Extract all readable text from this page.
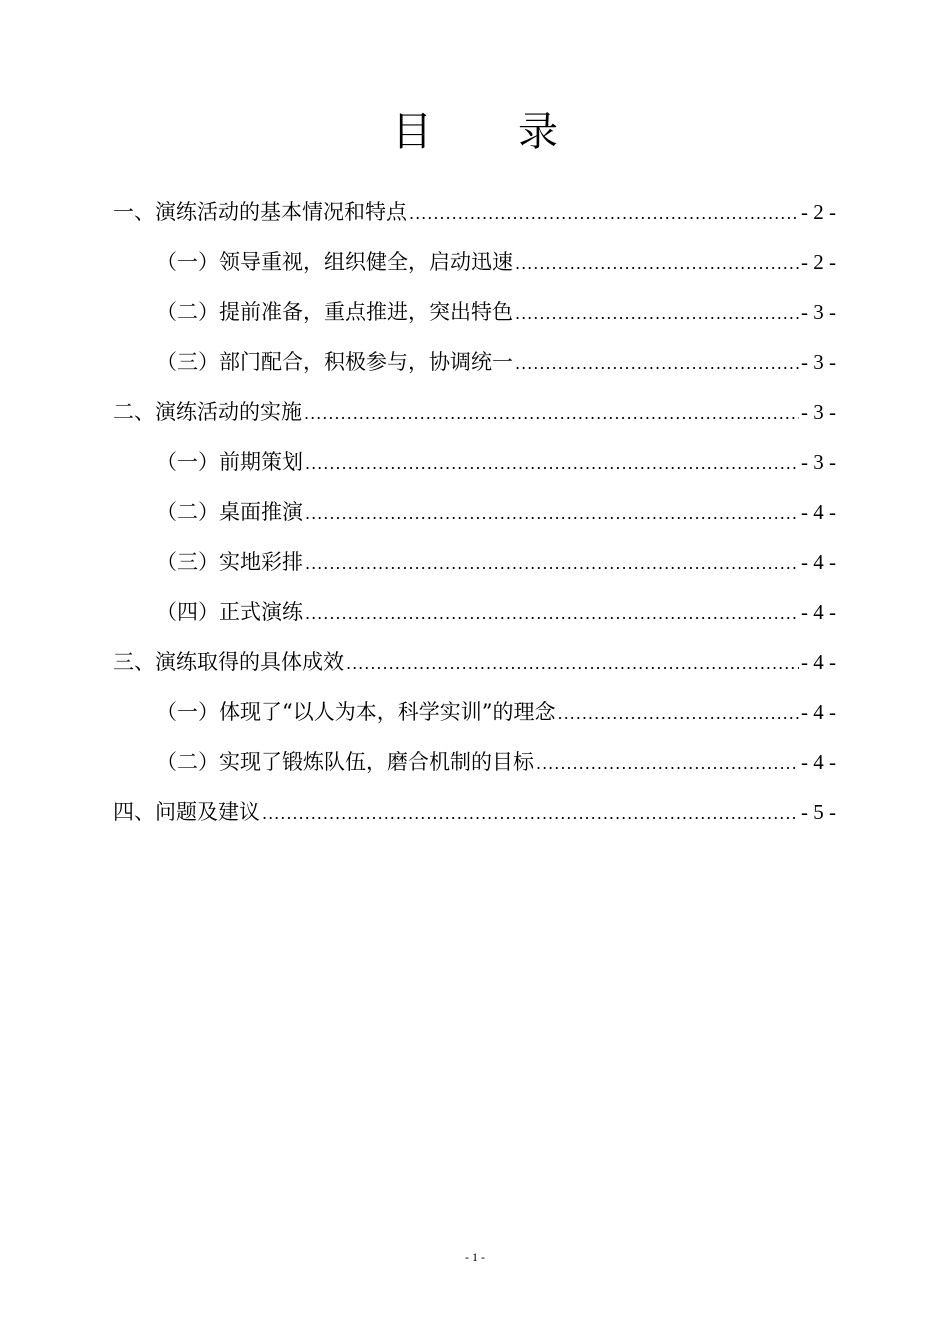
目 录
一、 演练活动的基本情况和特点 .....	- 2 -
（一） 领导重视，组织健全，启动迅速 .....	- 2 -
（二） 提前准备，重点推进，突出特色 .....	- 3 -
（三） 部门配合，积极参与，协调统一 .....	- 3 -
二、 演练活动的实施 .....	- 3 -
（一） 前期策划 .....	- 3 -
（二） 桌面推演 .....	- 4 -
（三） 实地彩排 .....	- 4 -
（四） 正式演练 .....	- 4 -
三、 演练取得的具体成效 .....	- 4 -
（一） 体现了“以人为本，科学实训”的理念 .....	- 4 -
（二） 实现了锻炼队伍，磨合机制的目标 .....	- 4 -
四、 问题及建议 .....	- 5 -
- 1 -
